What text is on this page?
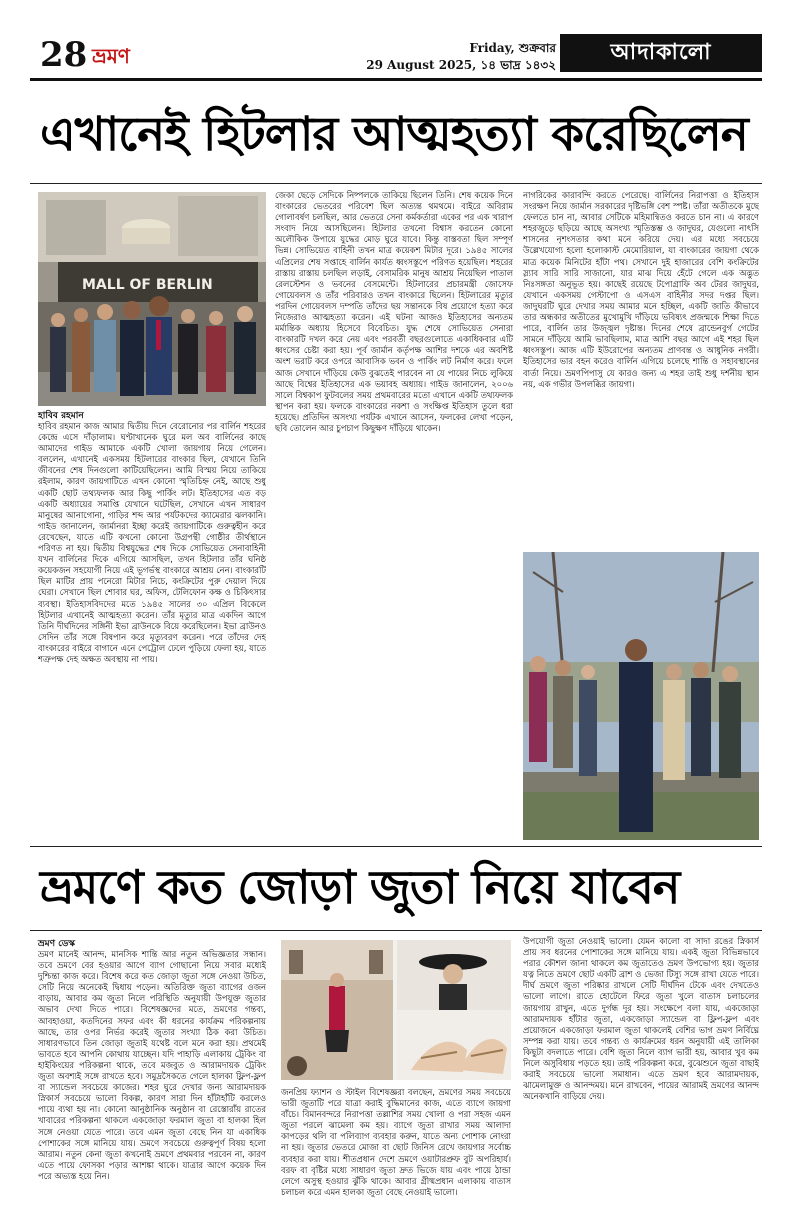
28 ভ্রমণ	Friday, শুক্রবার
29 August 2025, ১৪ ভাদ্র ১৪৩২
আদাকালো
এখানেই হিটলার আত্মহত্যা করেছিলেন
MALL OF BERLIN
হাবিব রহমান
হাবিব রহমান কাজ আমার দ্বিতীয় দিনে বেরোনোর পর বার্লিন শহরের কেন্দ্রে এসে দাঁড়ালাম। ঘণ্টাখানেক ঘুরে মল অব বার্লিনের কাছে আমাদের গাইড আমাকে একটি খোলা জায়গায় নিয়ে গেলেন। বললেন, এখানেই একসময় হিটলারের বাংকার ছিল, যেখানে তিনি জীবনের শেষ দিনগুলো কাটিয়েছিলেন। আমি বিস্ময় নিয়ে তাকিয়ে রইলাম, কারণ জায়গাটিতে এখন কোনো স্মৃতিচিহ্ন নেই, আছে শুধু একটি ছোট তথ্যফলক আর কিছু পার্কিং লট। ইতিহাসের এত বড় একটি অধ্যায়ের সমাপ্তি যেখানে ঘটেছিল, সেখানে এখন সাধারণ মানুষের আনাগোনা, গাড়ির শব্দ আর পর্যটকদের ক্যামেরার ঝলকানি। গাইড জানালেন, জার্মানরা ইচ্ছা করেই জায়গাটিকে গুরুত্বহীন করে রেখেছেন, যাতে এটি কখনো কোনো উগ্রপন্থী গোষ্ঠীর তীর্থস্থানে পরিণত না হয়। দ্বিতীয় বিশ্বযুদ্ধের শেষ দিকে সোভিয়েত সেনাবাহিনী যখন বার্লিনের দিকে এগিয়ে আসছিল, তখন হিটলার তাঁর ঘনিষ্ঠ কয়েকজন সহযোগী নিয়ে এই ভূগর্ভস্থ বাংকারে আশ্রয় নেন। বাংকারটি ছিল মাটির প্রায় পনেরো মিটার নিচে, কংক্রিটের পুরু দেয়াল দিয়ে ঘেরা। সেখানে ছিল শোবার ঘর, অফিস, টেলিফোন কক্ষ ও চিকিৎসার ব্যবস্থা। ইতিহাসবিদদের মতে ১৯৪৫ সালের ৩০ এপ্রিল বিকেলে হিটলার এখানেই আত্মহত্যা করেন। তাঁর মৃত্যুর মাত্র একদিন আগে তিনি দীর্ঘদিনের সঙ্গিনী ইভা ব্রাউনকে বিয়ে করেছিলেন। ইভা ব্রাউনও সেদিন তাঁর সঙ্গে বিষপান করে মৃত্যুবরণ করেন। পরে তাঁদের দেহ বাংকারের বাইরে বাগানে এনে পেট্রোল ঢেলে পুড়িয়ে ফেলা হয়, যাতে শত্রুপক্ষ দেহ অক্ষত অবস্থায় না পায়।
জেকা ছেড়ে সেদিকে নিষ্পলকে তাকিয়ে ছিলেন তিনি। শেষ কয়েক দিনে বাংকারের ভেতরের পরিবেশ ছিল অত্যন্ত থমথমে। বাইরে অবিরাম গোলাবর্ষণ চলছিল, আর ভেতরে সেনা কর্মকর্তারা একের পর এক খারাপ সংবাদ নিয়ে আসছিলেন। হিটলার তখনো বিশ্বাস করতেন কোনো অলৌকিক উপায়ে যুদ্ধের মোড় ঘুরে যাবে। কিন্তু বাস্তবতা ছিল সম্পূর্ণ ভিন্ন। সোভিয়েত বাহিনী তখন মাত্র কয়েকশ মিটার দূরে। ১৯৪৫ সালের এপ্রিলের শেষ সপ্তাহে বার্লিন কার্যত ধ্বংসস্তূপে পরিণত হয়েছিল। শহরের রাস্তায় রাস্তায় চলছিল লড়াই, বেসামরিক মানুষ আশ্রয় নিয়েছিল পাতাল রেলস্টেশন ও ভবনের বেসমেন্টে। হিটলারের প্রচারমন্ত্রী জোসেফ গোয়েবলস ও তাঁর পরিবারও তখন বাংকারে ছিলেন। হিটলারের মৃত্যুর পরদিন গোয়েবলস দম্পতি তাঁদের ছয় সন্তানকে বিষ প্রয়োগে হত্যা করে নিজেরাও আত্মহত্যা করেন। এই ঘটনা আজও ইতিহাসের অন্যতম মর্মান্তিক অধ্যায় হিসেবে বিবেচিত। যুদ্ধ শেষে সোভিয়েত সেনারা বাংকারটি দখল করে নেয় এবং পরবর্তী বছরগুলোতে একাধিকবার এটি ধ্বংসের চেষ্টা করা হয়। পূর্ব জার্মান কর্তৃপক্ষ আশির দশকে এর অবশিষ্ট অংশ ভরাট করে ওপরে আবাসিক ভবন ও পার্কিং লট নির্মাণ করে। ফলে আজ সেখানে দাঁড়িয়ে কেউ বুঝতেই পারবেন না যে পায়ের নিচে লুকিয়ে আছে বিশ্বের ইতিহাসের এক ভয়াবহ অধ্যায়। গাইড জানালেন, ২০০৬ সালে বিশ্বকাপ ফুটবলের সময় প্রথমবারের মতো এখানে একটি তথ্যফলক স্থাপন করা হয়। ফলকে বাংকারের নকশা ও সংক্ষিপ্ত ইতিহাস তুলে ধরা হয়েছে। প্রতিদিন অসংখ্য পর্যটক এখানে আসেন, ফলকের লেখা পড়েন, ছবি তোলেন আর চুপচাপ কিছুক্ষণ দাঁড়িয়ে থাকেন।
নাগরিকের কারাবন্দি করতে পেরেছে। বার্লিনের নিরাপত্তা ও ইতিহাস সংরক্ষণ নিয়ে জার্মান সরকারের দৃষ্টিভঙ্গি বেশ স্পষ্ট। তাঁরা অতীতকে মুছে ফেলতে চান না, আবার সেটিকে মহিমান্বিতও করতে চান না। এ কারণে শহরজুড়ে ছড়িয়ে আছে অসংখ্য স্মৃতিস্তম্ভ ও জাদুঘর, যেগুলো নাৎসি শাসনের নৃশংসতার কথা মনে করিয়ে দেয়। এর মধ্যে সবচেয়ে উল্লেখযোগ্য হলো হলোকাস্ট মেমোরিয়াল, যা বাংকারের জায়গা থেকে মাত্র কয়েক মিনিটের হাঁটা পথ। সেখানে দুই হাজারের বেশি কংক্রিটের স্ল্যাব সারি সারি সাজানো, যার মাঝ দিয়ে হেঁটে গেলে এক অদ্ভুত নিঃসঙ্গতা অনুভূত হয়। কাছেই রয়েছে টপোগ্রাফি অব টেরর জাদুঘর, যেখানে একসময় গেস্টাপো ও এসএস বাহিনীর সদর দপ্তর ছিল। জাদুঘরটি ঘুরে দেখার সময় আমার মনে হচ্ছিল, একটি জাতি কীভাবে তার অন্ধকার অতীতের মুখোমুখি দাঁড়িয়ে ভবিষ্যৎ প্রজন্মকে শিক্ষা দিতে পারে, বার্লিন তার উজ্জ্বল দৃষ্টান্ত। দিনের শেষে ব্রান্ডেনবুর্গ গেটের সামনে দাঁড়িয়ে আমি ভাবছিলাম, মাত্র আশি বছর আগে এই শহর ছিল ধ্বংসস্তূপ। আজ এটি ইউরোপের অন্যতম প্রাণবন্ত ও আধুনিক নগরী। ইতিহাসের ভার বহন করেও বার্লিন এগিয়ে চলেছে শান্তি ও সহাবস্থানের বার্তা নিয়ে। ভ্রমণপিপাসু যে কারও জন্য এ শহর তাই শুধু দর্শনীয় স্থান নয়, এক গভীর উপলব্ধির জায়গা।
ভ্রমণে কত জোড়া জুতা নিয়ে যাবেন
ভ্রমণ ডেস্ক
ভ্রমণ মানেই আনন্দ, মানসিক শান্তি আর নতুন অভিজ্ঞতার সন্ধান। তবে ভ্রমণে বের হওয়ার আগে ব্যাগ গোছানো নিয়ে সবার মধ্যেই দুশ্চিন্তা কাজ করে। বিশেষ করে কত জোড়া জুতা সঙ্গে নেওয়া উচিত, সেটি নিয়ে অনেকেই দ্বিধায় পড়েন। অতিরিক্ত জুতা ব্যাগের ওজন বাড়ায়, আবার কম জুতা নিলে পরিস্থিতি অনুযায়ী উপযুক্ত জুতার অভাব দেখা দিতে পারে। বিশেষজ্ঞদের মতে, ভ্রমণের গন্তব্য, আবহাওয়া, কতদিনের সফর এবং কী ধরনের কার্যক্রম পরিকল্পনায় আছে, তার ওপর নির্ভর করেই জুতার সংখ্যা ঠিক করা উচিত। সাধারণভাবে তিন জোড়া জুতাই যথেষ্ট বলে মনে করা হয়। প্রথমেই ভাবতে হবে আপনি কোথায় যাচ্ছেন। যদি পাহাড়ি এলাকায় ট্রেকিং বা হাইকিংয়ের পরিকল্পনা থাকে, তবে মজবুত ও আরামদায়ক ট্রেকিং জুতা অবশ্যই সঙ্গে রাখতে হবে। সমুদ্রসৈকতে গেলে হালকা ফ্লিপ-ফ্লপ বা স্যান্ডেল সবচেয়ে কাজের। শহর ঘুরে দেখার জন্য আরামদায়ক স্নিকার্স সবচেয়ে ভালো বিকল্প, কারণ সারা দিন হাঁটাহাঁটি করলেও পায়ে ব্যথা হয় না। কোনো আনুষ্ঠানিক অনুষ্ঠান বা রেস্তোরাঁয় রাতের খাবারের পরিকল্পনা থাকলে একজোড়া ফরমাল জুতা বা হালকা হিল সঙ্গে নেওয়া যেতে পারে। তবে এমন জুতা বেছে নিন যা একাধিক পোশাকের সঙ্গে মানিয়ে যায়। ভ্রমণে সবচেয়ে গুরুত্বপূর্ণ বিষয় হলো আরাম। নতুন কেনা জুতা কখনোই ভ্রমণে প্রথমবার পরবেন না, কারণ এতে পায়ে ফোসকা পড়ার আশঙ্কা থাকে। যাত্রার আগে কয়েক দিন পরে অভ্যস্ত হয়ে নিন।
জনপ্রিয় ফ্যাশন ও স্টাইল বিশেষজ্ঞরা বলছেন, ভ্রমণের সময় সবচেয়ে ভারী জুতাটি পরে যাত্রা করাই বুদ্ধিমানের কাজ, এতে ব্যাগে জায়গা বাঁচে। বিমানবন্দরে নিরাপত্তা তল্লাশির সময় খোলা ও পরা সহজ এমন জুতা পরলে ঝামেলা কম হয়। ব্যাগে জুতা রাখার সময় আলাদা কাপড়ের থলি বা পলিব্যাগ ব্যবহার করুন, যাতে অন্য পোশাক নোংরা না হয়। জুতার ভেতরে মোজা বা ছোট জিনিস রেখে জায়গার সর্বোচ্চ ব্যবহার করা যায়। শীতপ্রধান দেশে ভ্রমণে ওয়াটারপ্রুফ বুট অপরিহার্য। বরফ বা বৃষ্টির মধ্যে সাধারণ জুতা দ্রুত ভিজে যায় এবং পায়ে ঠান্ডা লেগে অসুস্থ হওয়ার ঝুঁকি থাকে। আবার গ্রীষ্মপ্রধান এলাকায় বাতাস চলাচল করে এমন হালকা জুতা বেছে নেওয়াই ভালো।
উপযোগী জুতা নেওয়াই ভালো। যেমন কালো বা সাদা রঙের স্নিকার্স প্রায় সব ধরনের পোশাকের সঙ্গে মানিয়ে যায়। একই জুতা বিভিন্নভাবে পরার কৌশল জানা থাকলে কম জুতাতেও ভ্রমণ উপভোগ্য হয়। জুতার যত্ন নিতে ভ্রমণে ছোট একটি ব্রাশ ও ভেজা টিস্যু সঙ্গে রাখা যেতে পারে। দীর্ঘ ভ্রমণে জুতা পরিষ্কার রাখলে সেটি দীর্ঘদিন টেকে এবং দেখতেও ভালো লাগে। রাতে হোটেলে ফিরে জুতা খুলে বাতাস চলাচলের জায়গায় রাখুন, এতে দুর্গন্ধ দূর হয়। সংক্ষেপে বলা যায়, একজোড়া আরামদায়ক হাঁটার জুতা, একজোড়া স্যান্ডেল বা ফ্লিপ-ফ্লপ এবং প্রয়োজনে একজোড়া ফরমাল জুতা থাকলেই বেশির ভাগ ভ্রমণ নির্বিঘ্নে সম্পন্ন করা যায়। তবে গন্তব্য ও কার্যক্রমের ধরন অনুযায়ী এই তালিকা কিছুটা বদলাতে পারে। বেশি জুতা নিলে ব্যাগ ভারী হয়, আবার খুব কম নিলে অসুবিধায় পড়তে হয়। তাই পরিকল্পনা করে, বুঝেশুনে জুতা বাছাই করাই সবচেয়ে ভালো সমাধান। এতে ভ্রমণ হবে আরামদায়ক, ঝামেলামুক্ত ও আনন্দময়। মনে রাখবেন, পায়ের আরামই ভ্রমণের আনন্দ অনেকখানি বাড়িয়ে দেয়।
